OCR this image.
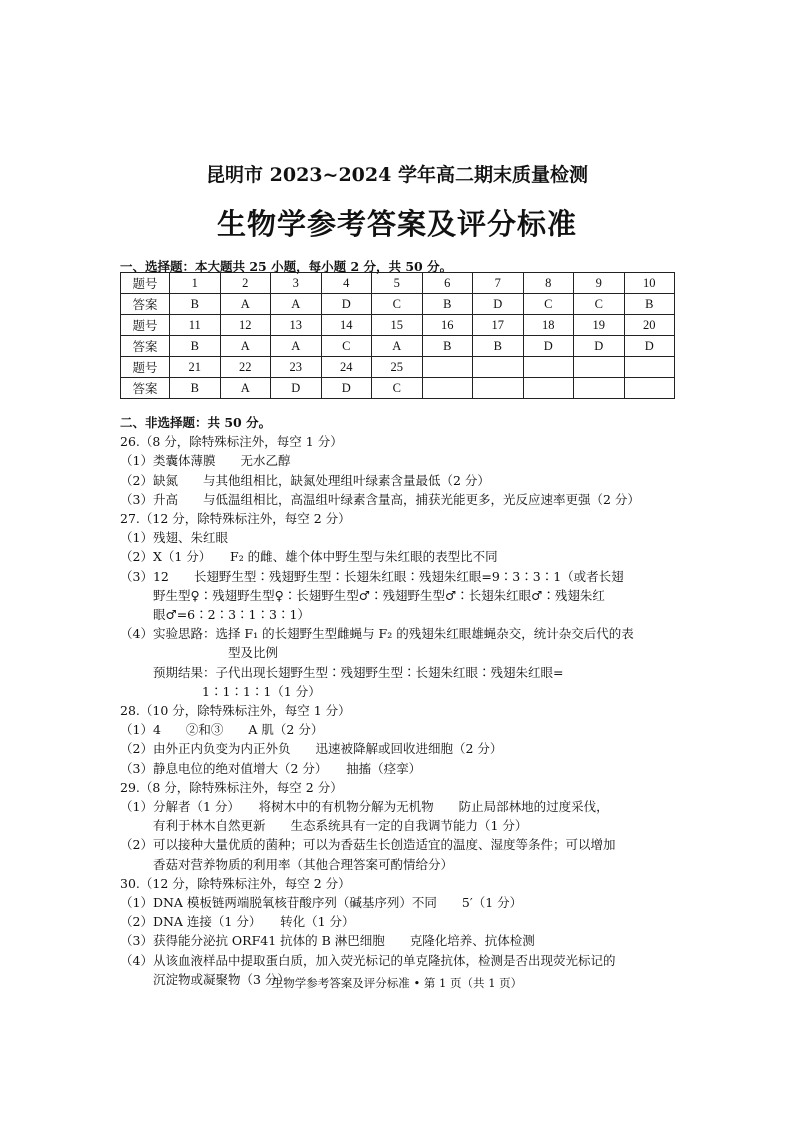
昆明市 2023~2024 学年高二期末质量检测
生物学参考答案及评分标准
一、选择题：本大题共 25 小题，每小题 2 分，共 50 分。
题号	1	2	3	4	5	6	7	8	9	10
答案	B	A	A	D	C	B	D	C	C	B
题号	11	12	13	14	15	16	17	18	19	20
答案	B	A	A	C	A	B	B	D	D	D
题号	21	22	23	24	25					
答案	B	A	D	D	C					
二、非选择题：共 50 分。
26.（8 分，除特殊标注外，每空 1 分）
（1）类囊体薄膜　　无水乙醇
（2）缺氮　　与其他组相比，缺氮处理组叶绿素含量最低（2 分）
（3）升高　　与低温组相比，高温组叶绿素含量高，捕获光能更多，光反应速率更强（2 分）
27.（12 分，除特殊标注外，每空 2 分）
（1）残翅、朱红眼
（2）X（1 分）　　F₂ 的雌、雄个体中野生型与朱红眼的表型比不同
（3）12　　长翅野生型∶残翅野生型∶长翅朱红眼∶残翅朱红眼=9∶3∶3∶1（或者长翅
野生型♀∶残翅野生型♀∶长翅野生型♂∶残翅野生型♂∶长翅朱红眼♂∶残翅朱红
眼♂=6∶2∶3∶1∶3∶1）
（4）实验思路：选择 F₁ 的长翅野生型雌蝇与 F₂ 的残翅朱红眼雄蝇杂交，统计杂交后代的表
型及比例
预期结果：子代出现长翅野生型∶残翅野生型∶长翅朱红眼∶残翅朱红眼=
1∶1∶1∶1（1 分）
28.（10 分，除特殊标注外，每空 1 分）
（1）4　　②和③　　A 肌（2 分）
（2）由外正内负变为内正外负　　迅速被降解或回收进细胞（2 分）
（3）静息电位的绝对值增大（2 分）　　抽搐（痉挛）
29.（8 分，除特殊标注外，每空 2 分）
（1）分解者（1 分）　　将树木中的有机物分解为无机物　　防止局部林地的过度采伐，
有利于林木自然更新　　生态系统具有一定的自我调节能力（1 分）
（2）可以接种大量优质的菌种；可以为香菇生长创造适宜的温度、湿度等条件；可以增加
香菇对营养物质的利用率（其他合理答案可酌情给分）
30.（12 分，除特殊标注外，每空 2 分）
（1）DNA 模板链两端脱氧核苷酸序列（碱基序列）不同　　5′（1 分）
（2）DNA 连接（1 分）　　转化（1 分）
（3）获得能分泌抗 ORF41 抗体的 B 淋巴细胞　　克隆化培养、抗体检测
（4）从该血液样品中提取蛋白质，加入荧光标记的单克隆抗体，检测是否出现荧光标记的
沉淀物或凝聚物（3 分）
生物学参考答案及评分标准 • 第 1 页（共 1 页）
